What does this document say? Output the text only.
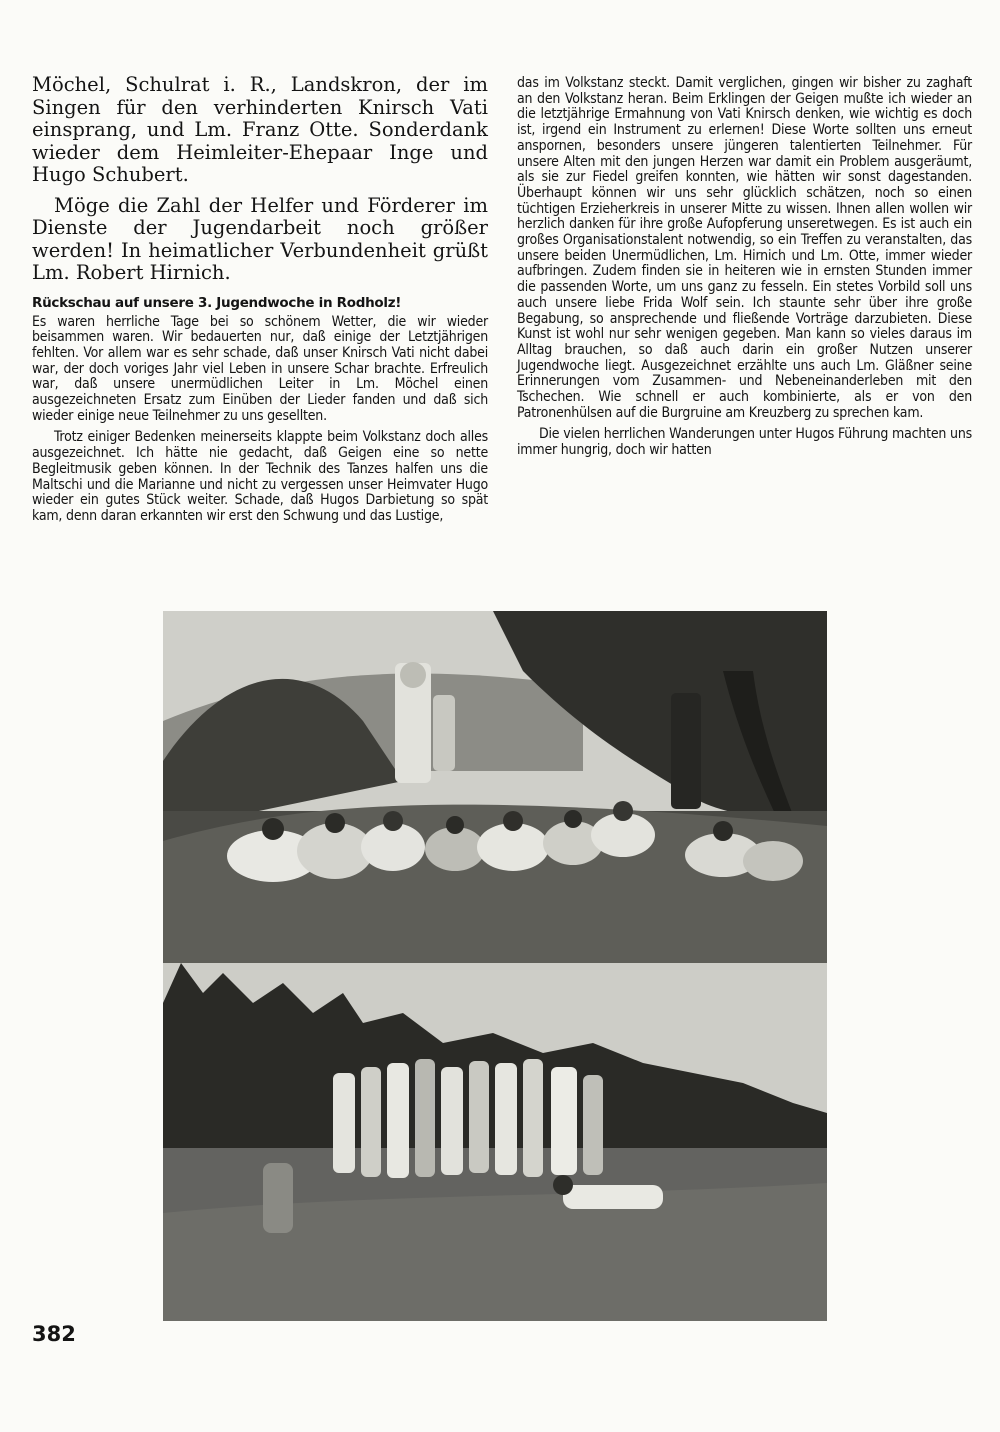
Möchel, Schulrat i. R., Landskron, der im Singen für den verhinderten Knirsch Vati einsprang, und Lm. Franz Otte. Sonderdank wieder dem Heimleiter-Ehepaar Inge und Hugo Schubert.

Möge die Zahl der Helfer und Förderer im Dienste der Jugendarbeit noch größer werden! In heimatlicher Verbundenheit grüßt Lm. Robert Hirnich.

Rückschau auf unsere 3. Jugendwoche in Rodholz!

Es waren herrliche Tage bei so schönem Wetter, die wir wieder beisammen waren. Wir bedauerten nur, daß einige der Letztjährigen fehlten. Vor allem war es sehr schade, daß unser Knirsch Vati nicht dabei war, der doch voriges Jahr viel Leben in unsere Schar brachte. Erfreulich war, daß unsere unermüdlichen Leiter in Lm. Möchel einen ausgezeichneten Ersatz zum Einüben der Lieder fanden und daß sich wieder einige neue Teilnehmer zu uns gesellten.

Trotz einiger Bedenken meinerseits klappte beim Volkstanz doch alles ausgezeichnet. Ich hätte nie gedacht, daß Geigen eine so nette Begleitmusik geben können. In der Technik des Tanzes halfen uns die Maltschi und die Marianne und nicht zu vergessen unser Heimvater Hugo wieder ein gutes Stück weiter. Schade, daß Hugos Darbietung so spät kam, denn daran erkannten wir erst den Schwung und das Lustige,

das im Volkstanz steckt. Damit verglichen, gingen wir bisher zu zaghaft an den Volkstanz heran. Beim Erklingen der Geigen mußte ich wieder an die letztjährige Ermahnung von Vati Knirsch denken, wie wichtig es doch ist, irgend ein Instrument zu erlernen! Diese Worte sollten uns erneut anspornen, besonders unsere jüngeren talentierten Teilnehmer. Für unsere Alten mit den jungen Herzen war damit ein Problem ausgeräumt, als sie zur Fiedel greifen konnten, wie hätten wir sonst dagestanden. Überhaupt können wir uns sehr glücklich schätzen, noch so einen tüchtigen Erzieherkreis in unserer Mitte zu wissen. Ihnen allen wollen wir herzlich danken für ihre große Aufopferung unseretwegen. Es ist auch ein großes Organisationstalent notwendig, so ein Treffen zu veranstalten, das unsere beiden Unermüdlichen, Lm. Hirnich und Lm. Otte, immer wieder aufbringen. Zudem finden sie in heiteren wie in ernsten Stunden immer die passenden Worte, um uns ganz zu fesseln. Ein stetes Vorbild soll uns auch unsere liebe Frida Wolf sein. Ich staunte sehr über ihre große Begabung, so ansprechende und fließende Vorträge darzubieten. Diese Kunst ist wohl nur sehr wenigen gegeben. Man kann so vieles daraus im Alltag brauchen, so daß auch darin ein großer Nutzen unserer Jugendwoche liegt. Ausgezeichnet erzählte uns auch Lm. Gläßner seine Erinnerungen vom Zusammen- und Nebeneinanderleben mit den Tschechen. Wie schnell er auch kombinierte, als er von den Patronenhülsen auf die Burgruine am Kreuzberg zu sprechen kam.

Die vielen herrlichen Wanderungen unter Hugos Führung machten uns immer hungrig, doch wir hatten

382
